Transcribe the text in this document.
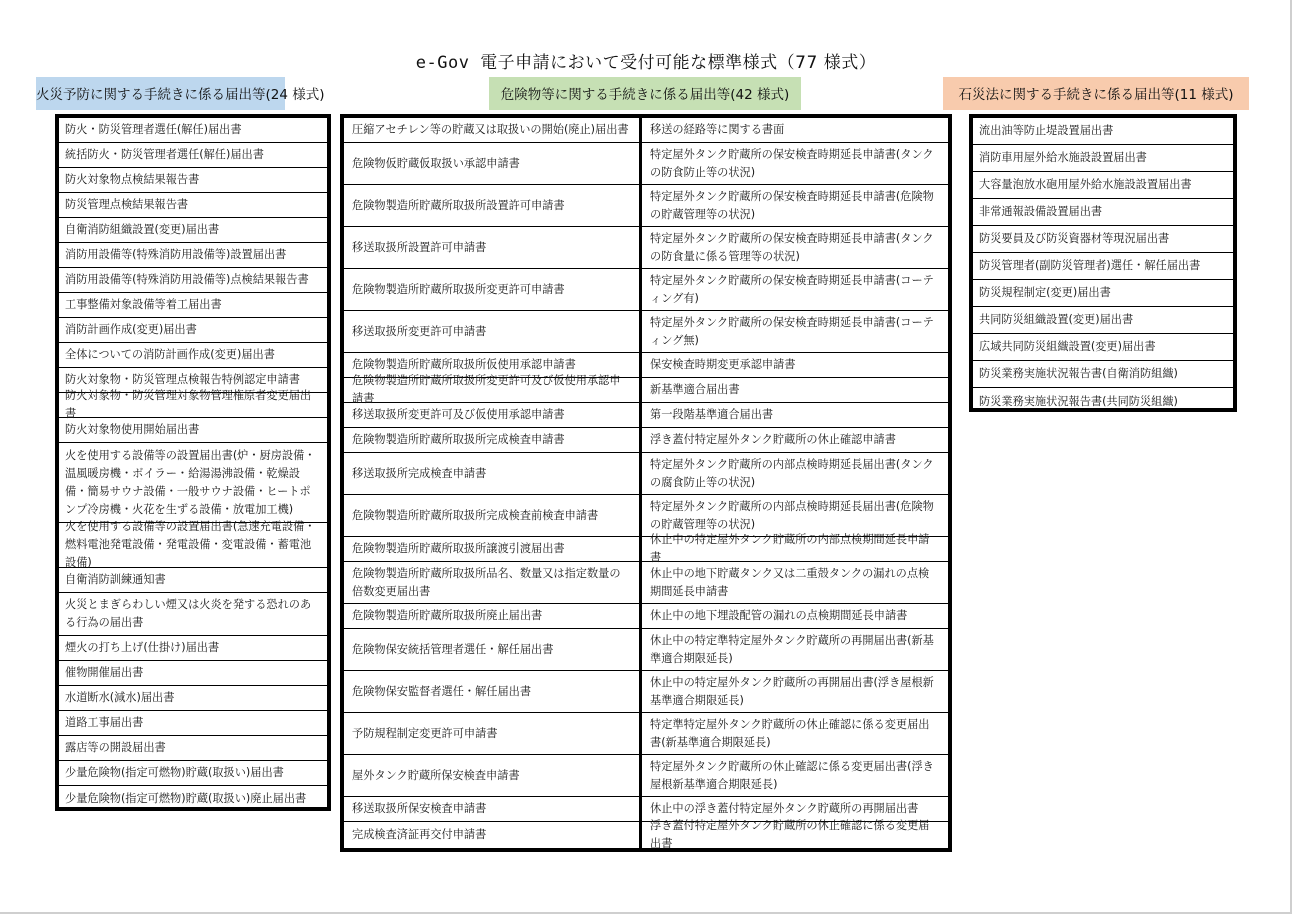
e-Gov 電子申請において受付可能な標準様式（77 様式）
火災予防に関する手続きに係る届出等(24 様式)	危険物等に関する手続きに係る届出等(42 様式)	石災法に関する手続きに係る届出等(11 様式)
防火・防災管理者選任(解任)届出書
統括防火・防災管理者選任(解任)届出書
防火対象物点検結果報告書
防災管理点検結果報告書
自衛消防組織設置(変更)届出書
消防用設備等(特殊消防用設備等)設置届出書
消防用設備等(特殊消防用設備等)点検結果報告書
工事整備対象設備等着工届出書
消防計画作成(変更)届出書
全体についての消防計画作成(変更)届出書
防火対象物・防災管理点検報告特例認定申請書
防火対象物・防災管理対象物管理権原者変更届出書
防火対象物使用開始届出書
火を使用する設備等の設置届出書(炉・厨房設備・温風暖房機・ボイラー・給湯湯沸設備・乾燥設備・簡易サウナ設備・一般サウナ設備・ヒートポンプ冷房機・火花を生ずる設備・放電加工機)
火を使用する設備等の設置届出書(急速充電設備・燃料電池発電設備・発電設備・変電設備・蓄電池設備)
自衛消防訓練通知書
火災とまぎらわしい煙又は火炎を発する恐れのある行為の届出書
煙火の打ち上げ(仕掛け)届出書
催物開催届出書
水道断水(減水)届出書
道路工事届出書
露店等の開設届出書
少量危険物(指定可燃物)貯蔵(取扱い)届出書
少量危険物(指定可燃物)貯蔵(取扱い)廃止届出書
圧縮アセチレン等の貯蔵又は取扱いの開始(廃止)届出書
危険物仮貯蔵仮取扱い承認申請書
危険物製造所貯蔵所取扱所設置許可申請書
移送取扱所設置許可申請書
危険物製造所貯蔵所取扱所変更許可申請書
移送取扱所変更許可申請書
危険物製造所貯蔵所取扱所仮使用承認申請書
危険物製造所貯蔵所取扱所変更許可及び仮使用承認申請書
移送取扱所変更許可及び仮使用承認申請書
危険物製造所貯蔵所取扱所完成検査申請書
移送取扱所完成検査申請書
危険物製造所貯蔵所取扱所完成検査前検査申請書
危険物製造所貯蔵所取扱所譲渡引渡届出書
危険物製造所貯蔵所取扱所品名、数量又は指定数量の倍数変更届出書
危険物製造所貯蔵所取扱所廃止届出書
危険物保安統括管理者選任・解任届出書
危険物保安監督者選任・解任届出書
予防規程制定変更許可申請書
屋外タンク貯蔵所保安検査申請書
移送取扱所保安検査申請書
完成検査済証再交付申請書
移送の経路等に関する書面
特定屋外タンク貯蔵所の保安検査時期延長申請書(タンクの防食防止等の状況)
特定屋外タンク貯蔵所の保安検査時期延長申請書(危険物の貯蔵管理等の状況)
特定屋外タンク貯蔵所の保安検査時期延長申請書(タンクの防食量に係る管理等の状況)
特定屋外タンク貯蔵所の保安検査時期延長申請書(コーティング有)
特定屋外タンク貯蔵所の保安検査時期延長申請書(コーティング無)
保安検査時期変更承認申請書
新基準適合届出書
第一段階基準適合届出書
浮き蓋付特定屋外タンク貯蔵所の休止確認申請書
特定屋外タンク貯蔵所の内部点検時期延長届出書(タンクの腐食防止等の状況)
特定屋外タンク貯蔵所の内部点検時期延長届出書(危険物の貯蔵管理等の状況)
休止中の特定屋外タンク貯蔵所の内部点検期間延長申請書
休止中の地下貯蔵タンク又は二重殻タンクの漏れの点検期間延長申請書
休止中の地下埋設配管の漏れの点検期間延長申請書
休止中の特定準特定屋外タンク貯蔵所の再開届出書(新基準適合期限延長)
休止中の特定屋外タンク貯蔵所の再開届出書(浮き屋根新基準適合期限延長)
特定準特定屋外タンク貯蔵所の休止確認に係る変更届出書(新基準適合期限延長)
特定屋外タンク貯蔵所の休止確認に係る変更届出書(浮き屋根新基準適合期限延長)
休止中の浮き蓋付特定屋外タンク貯蔵所の再開届出書
浮き蓋付特定屋外タンク貯蔵所の休止確認に係る変更届出書
流出油等防止堤設置届出書
消防車用屋外給水施設設置届出書
大容量泡放水砲用屋外給水施設設置届出書
非常通報設備設置届出書
防災要員及び防災資器材等現況届出書
防災管理者(副防災管理者)選任・解任届出書
防災規程制定(変更)届出書
共同防災組織設置(変更)届出書
広域共同防災組織設置(変更)届出書
防災業務実施状況報告書(自衛消防組織)
防災業務実施状況報告書(共同防災組織)
